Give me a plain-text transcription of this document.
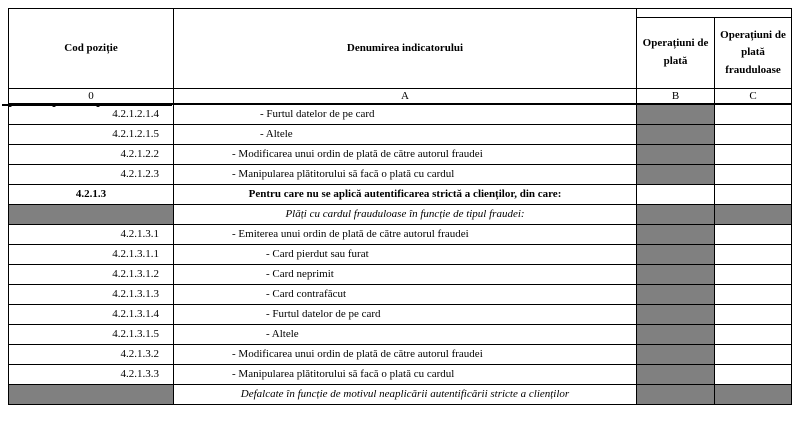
Cod poziție	Denumirea indicatorului		
		Operațiuni de plată	Operațiuni de plată frauduloase
0	A	B	C
4.2.1.2.1.4	- Furtul datelor de pe card		
4.2.1.2.1.5	- Altele		
4.2.1.2.2	- Modificarea unui ordin de plată de către autorul fraudei		
4.2.1.2.3	- Manipularea plătitorului să facă o plată cu cardul		
4.2.1.3	Pentru care nu se aplică autentificarea strictă a clienților, din care:		
	Plăți cu cardul frauduloase în funcție de tipul fraudei:		
4.2.1.3.1	- Emiterea unui ordin de plată de către autorul fraudei		
4.2.1.3.1.1	- Card pierdut sau furat		
4.2.1.3.1.2	- Card neprimit		
4.2.1.3.1.3	- Card contrafăcut		
4.2.1.3.1.4	- Furtul datelor de pe card		
4.2.1.3.1.5	- Altele		
4.2.1.3.2	- Modificarea unui ordin de plată de către autorul fraudei		
4.2.1.3.3	- Manipularea plătitorului să facă o plată cu cardul		
	Defalcate în funcție de motivul neaplicării autentificării stricte a clienților		
